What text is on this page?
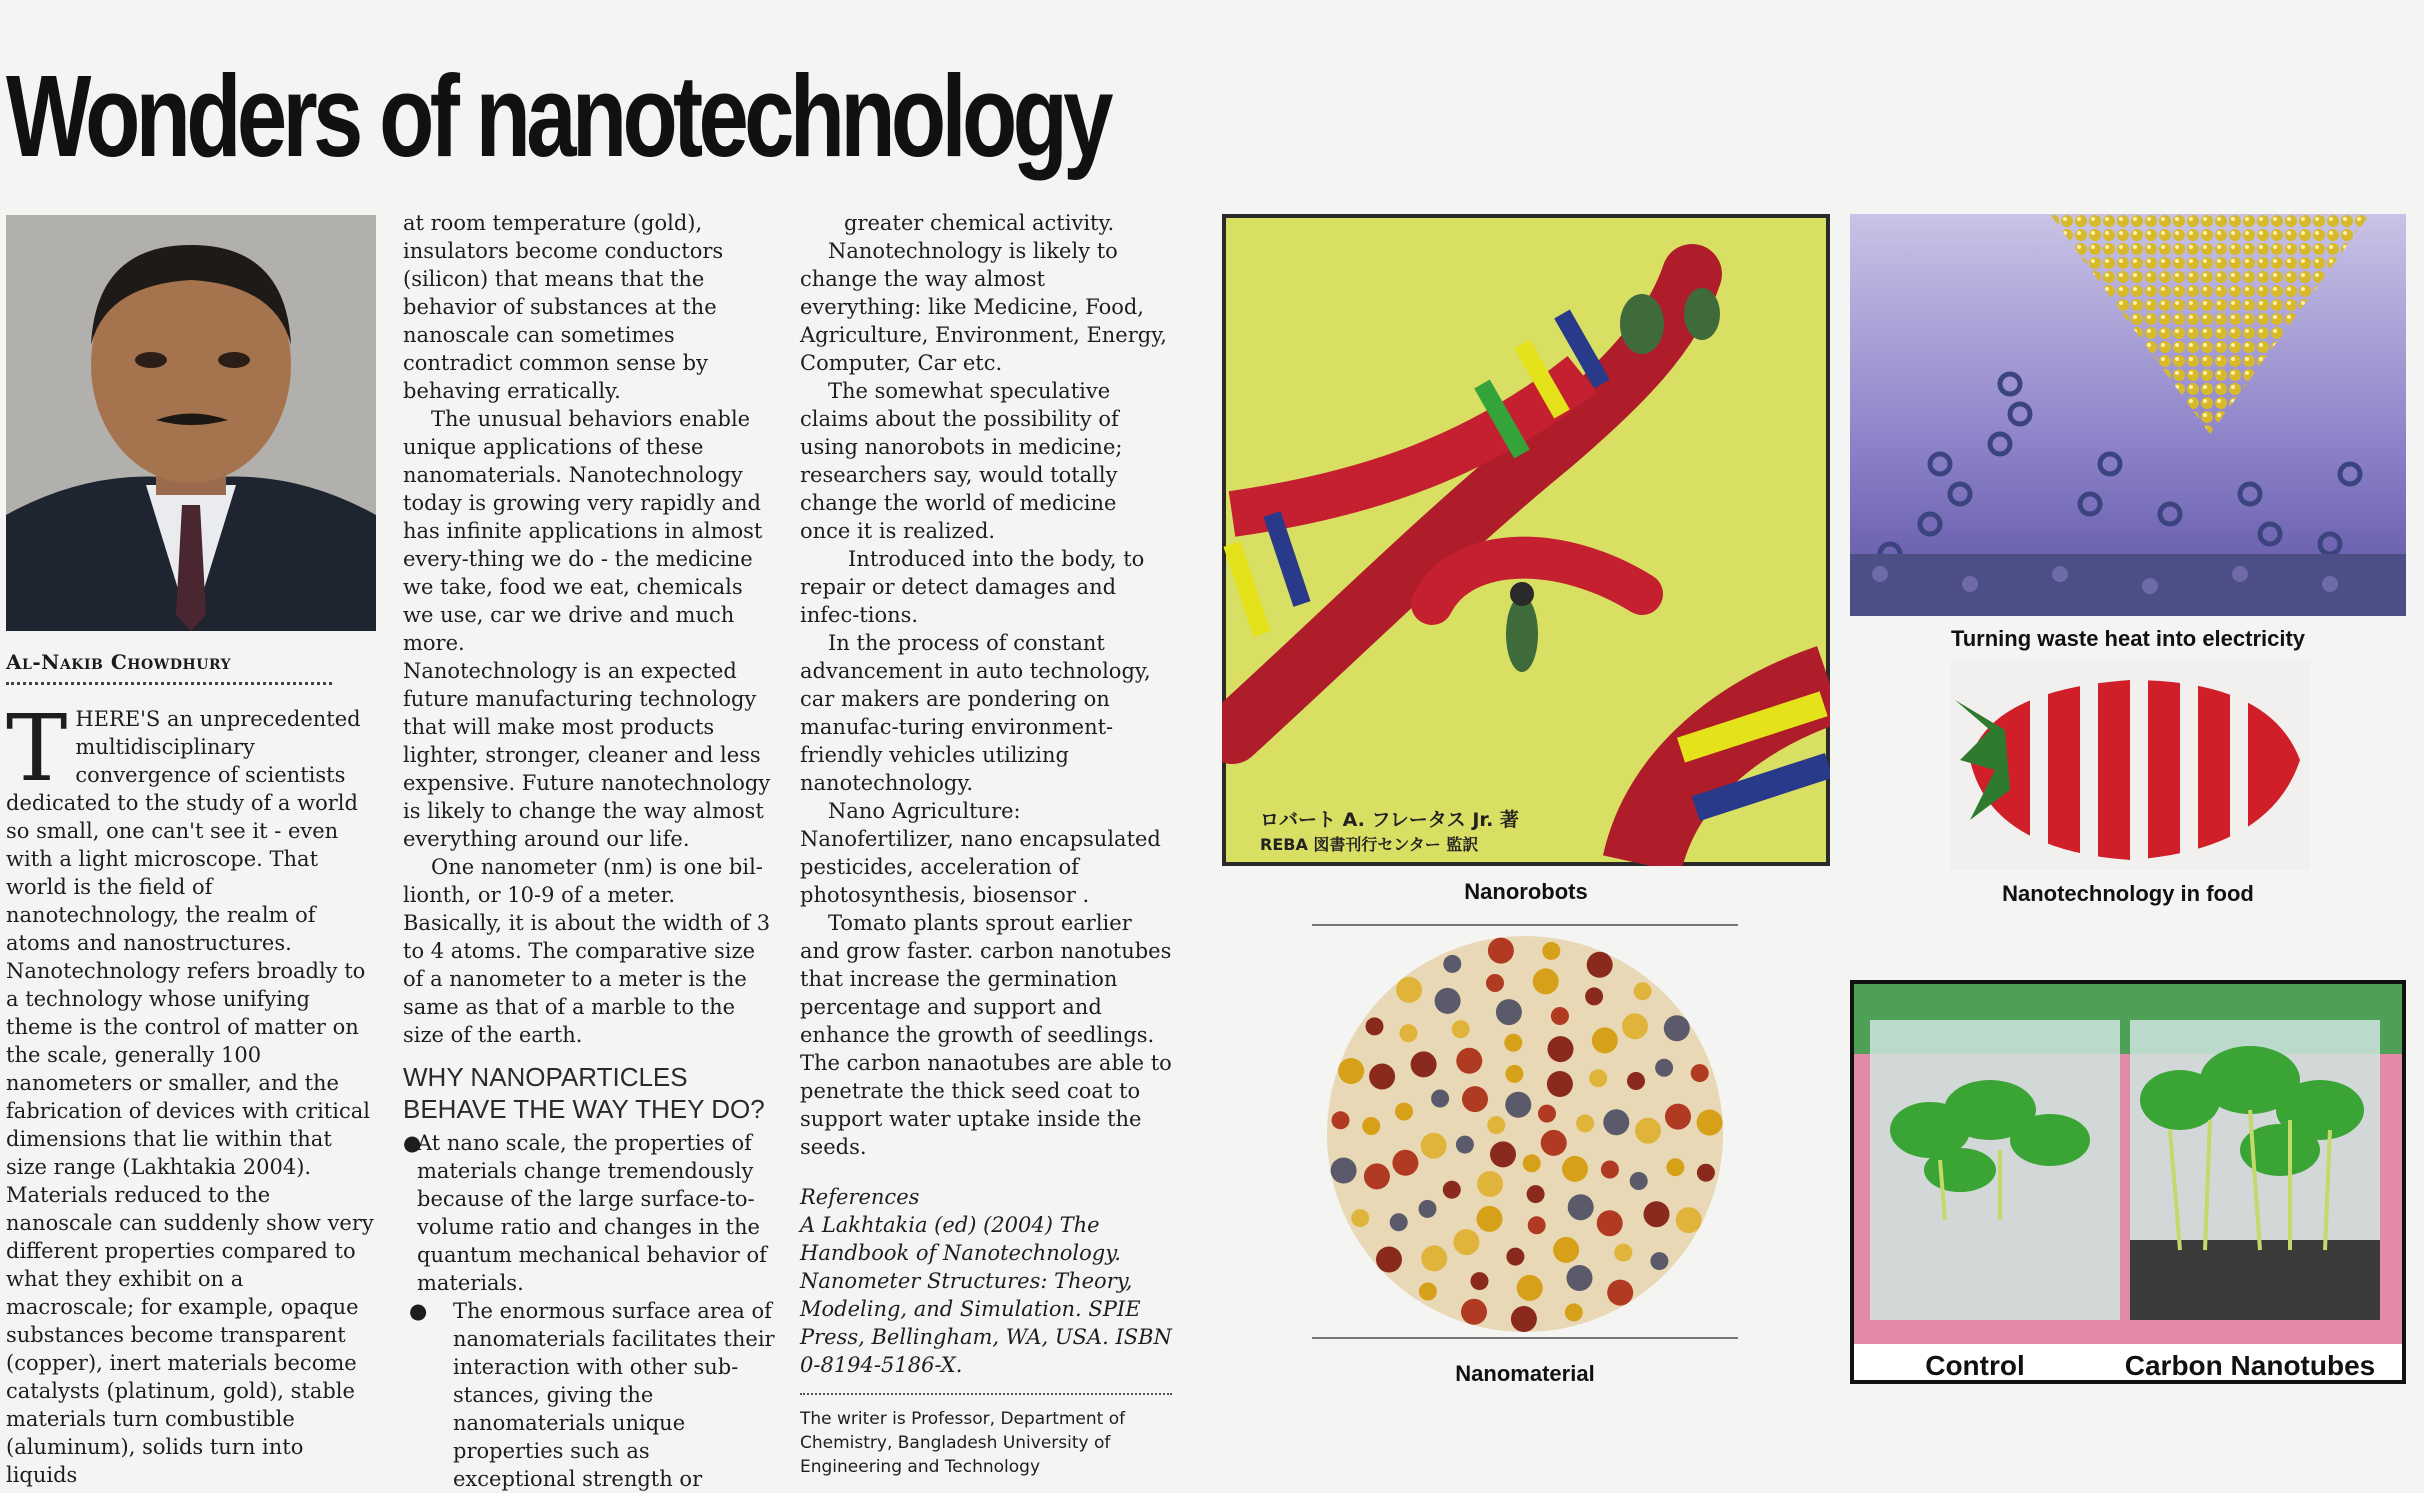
Wonders of nanotechnology
Al-Nakib Chowdhury

THERE'S an unprecedented multidisciplinary convergence of scientists dedicated to the study of a world so small, one can't see it - even with a light microscope. That world is the field of nanotechnology, the realm of atoms and nanostructures. Nanotechnology refers broadly to a technology whose unifying theme is the control of matter on the scale, generally 100 nanometers or smaller, and the fabrication of devices with critical dimensions that lie within that size range (Lakhtakia 2004). Materials reduced to the nanoscale can suddenly show very different properties compared to what they exhibit on a macroscale; for example, opaque substances become transparent (copper), inert materials become catalysts (platinum, gold), stable materials turn combustible (aluminum), solids turn into liquids

at room temperature (gold), insulators become conductors (silicon) that means that the behavior of substances at the nanoscale can sometimes contradict common sense by behaving erratically.

The unusual behaviors enable unique applications of these nanomaterials. Nanotechnology today is growing very rapidly and has infinite applications in almost every-thing we do - the medicine we take, food we eat, chemicals we use, car we drive and much more.

Nanotechnology is an expected future manufacturing technology that will make most products lighter, stronger, cleaner and less expensive. Future nanotechnology is likely to change the way almost everything around our life.

One nanometer (nm) is one bil-lionth, or 10-9 of a meter. Basically, it is about the width of 3 to 4 atoms. The comparative size of a nanometer to a meter is the same as that of a marble to the size of the earth.

WHY NANOPARTICLES BEHAVE THE WAY THEY DO?
●
At nano scale, the properties of materials change tremendously because of the large surface-to-volume ratio and changes in the quantum mechanical behavior of materials.
●	The enormous surface area of nanomaterials facilitates their interaction with other sub-stances, giving the nanomaterials unique properties such as exceptional strength or

greater chemical activity.

Nanotechnology is likely to change the way almost everything: like Medicine, Food, Agriculture, Environment, Energy, Computer, Car etc.

The somewhat speculative claims about the possibility of using nanorobots in medicine; researchers say, would totally change the world of medicine once it is realized.

Introduced into the body, to repair or detect damages and infec-tions.

In the process of constant advancement in auto technology, car makers are pondering on manufac-turing environment-friendly vehicles utilizing nanotechnology.

Nano Agriculture: Nanofertilizer, nano encapsulated pesticides, acceleration of photosynthesis, biosensor .

Tomato plants sprout earlier and grow faster. carbon nanotubes that increase the germination percentage and support and enhance the growth of seedlings. The carbon nanaotubes are able to penetrate the thick seed coat to support water uptake inside the seeds.

References

A Lakhtakia (ed) (2004) The Handbook of Nanotechnology. Nanometer Structures: Theory, Modeling, and Simulation. SPIE Press, Bellingham, WA, USA. ISBN 0-8194-5186-X.

The writer is Professor, Department of Chemistry, Bangladesh University of Engineering and Technology
ロバート A. フレータス Jr. 著
REBA 図書刊行センター 監訳
Nanorobots
Turning waste heat into electricity
Nanotechnology in food
Nanomaterial	Control	Carbon Nanotubes
